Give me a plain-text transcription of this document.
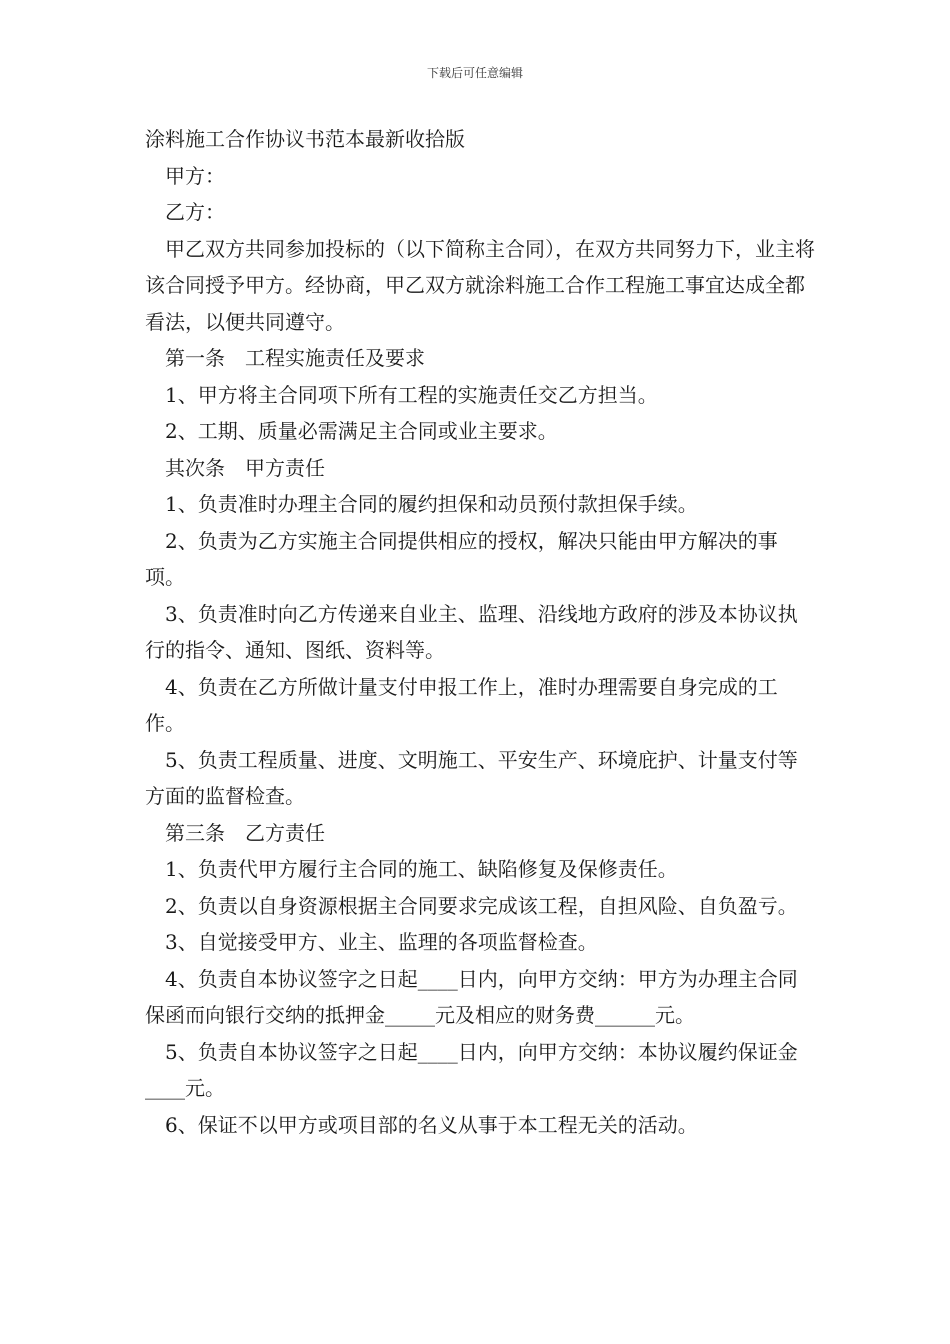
下载后可任意编辑

涂料施工合作协议书范本最新收拾版

甲方：

乙方：

甲乙双方共同参加投标的（以下简称主合同），在双方共同努力下，业主将该合同授予甲方。经协商，甲乙双方就涂料施工合作工程施工事宜达成全都看法，以便共同遵守。

第一条　工程实施责任及要求

1、甲方将主合同项下所有工程的实施责任交乙方担当。

2、工期、质量必需满足主合同或业主要求。

其次条　甲方责任

1、负责准时办理主合同的履约担保和动员预付款担保手续。

2、负责为乙方实施主合同提供相应的授权，解决只能由甲方解决的事项。

3、负责准时向乙方传递来自业主、监理、沿线地方政府的涉及本协议执行的指令、通知、图纸、资料等。

4、负责在乙方所做计量支付申报工作上，准时办理需要自身完成的工作。

5、负责工程质量、进度、文明施工、平安生产、环境庇护、计量支付等方面的监督检查。

第三条　乙方责任

1、负责代甲方履行主合同的施工、缺陷修复及保修责任。

2、负责以自身资源根据主合同要求完成该工程，自担风险、自负盈亏。

3、自觉接受甲方、业主、监理的各项监督检查。

4、负责自本协议签字之日起____日内，向甲方交纳：甲方为办理主合同保函而向银行交纳的抵押金_____元及相应的财务费______元。

5、负责自本协议签字之日起____日内，向甲方交纳：本协议履约保证金____元。

6、保证不以甲方或项目部的名义从事于本工程无关的活动。
